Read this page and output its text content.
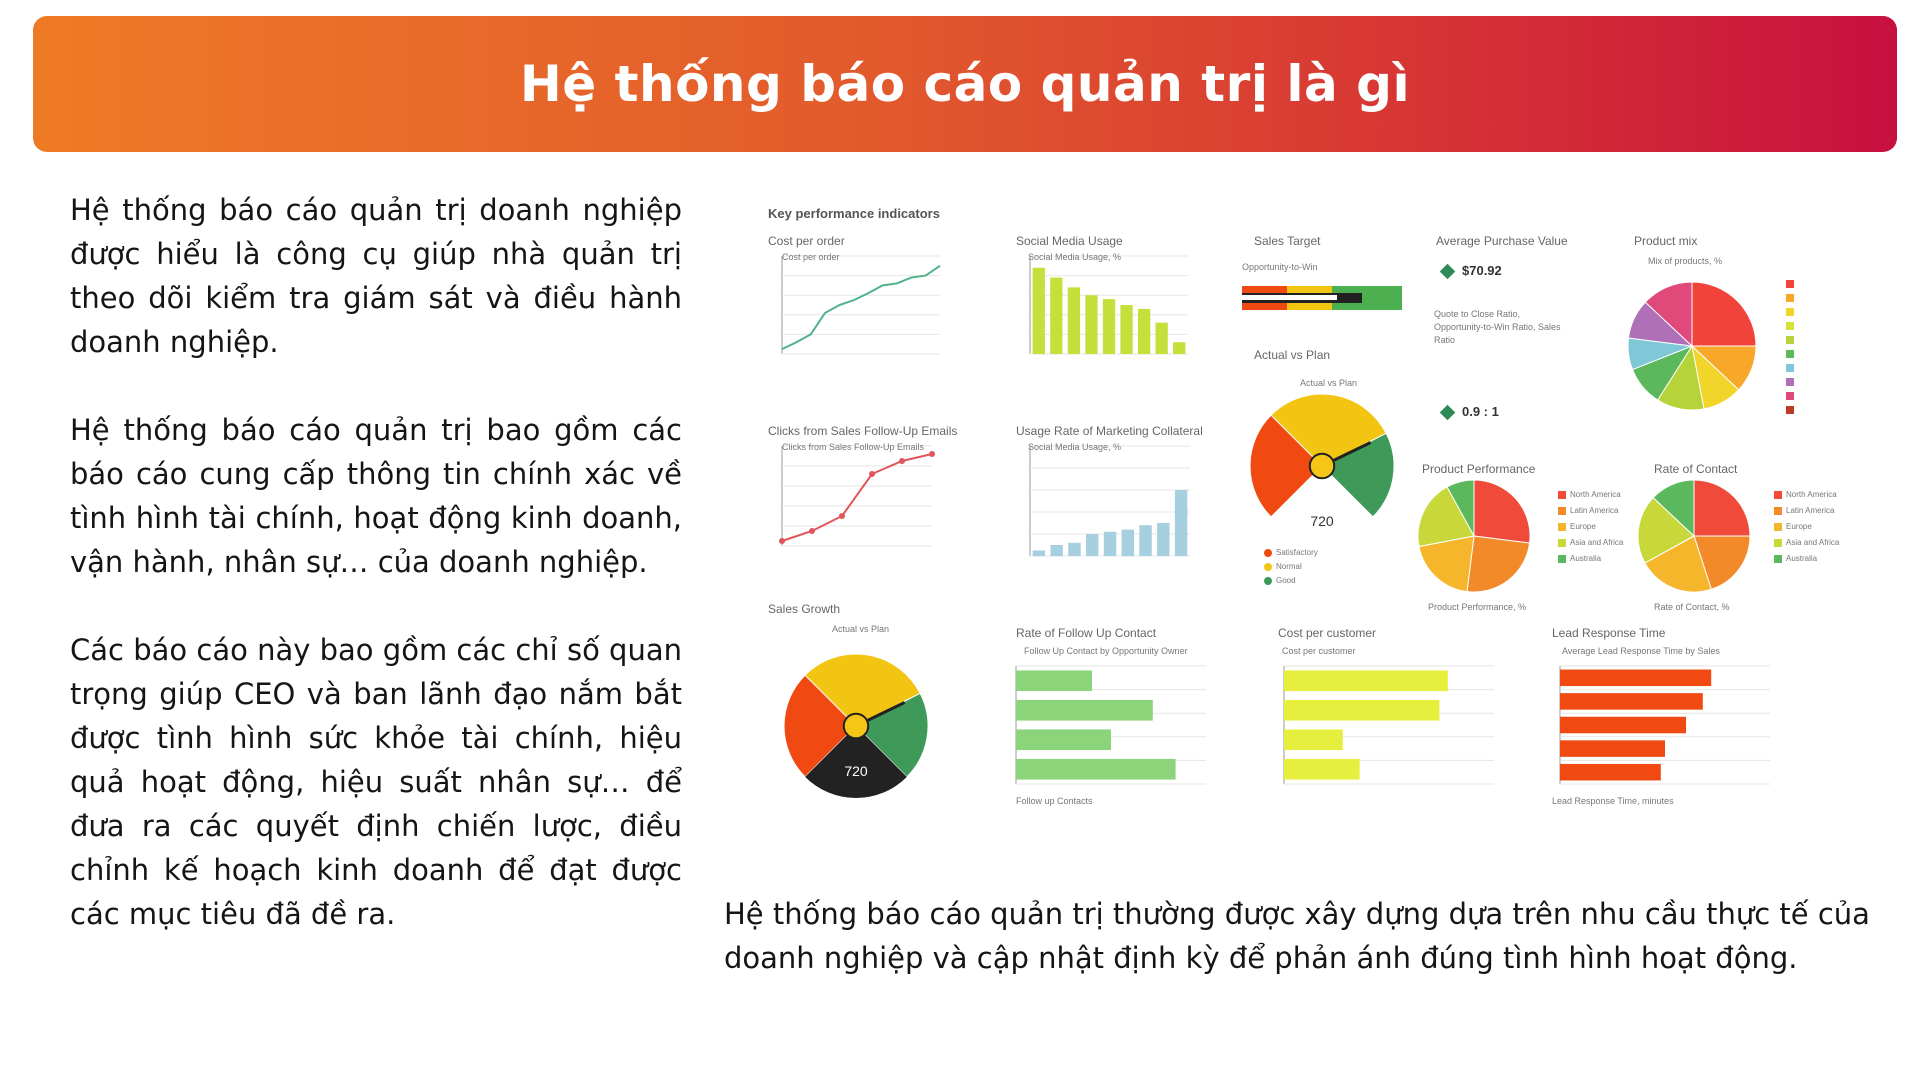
Hệ thống báo cáo quản trị là gì

Hệ thống báo cáo quản trị doanh nghiệp được hiểu là công cụ giúp nhà quản trị theo dõi kiểm tra giám sát và điều hành doanh nghiệp.

Hệ thống báo cáo quản trị bao gồm các báo cáo cung cấp thông tin chính xác về tình hình tài chính, hoạt động kinh doanh, vận hành, nhân sự… của doanh nghiệp.

Các báo cáo này bao gồm các chỉ số quan trọng giúp CEO và ban lãnh đạo nắm bắt được tình hình sức khỏe tài chính, hiệu quả hoạt động, hiệu suất nhân sự… để đưa ra các quyết định chiến lược, điều chỉnh kế hoạch kinh doanh để đạt được các mục tiêu đã đề ra.

720
720
Key performance indicators
Cost per order
Cost per order
Social Media Usage
Social Media Usage, %
Sales Target
Opportunity-to-Win
Average Purchase Value
$70.92
Quote to Close Ratio, Opportunity-to-Win Ratio, Sales Ratio
0.9 : 1
Product mix
Mix of products, %
Clicks from Sales Follow-Up Emails
Clicks from Sales Follow-Up Emails
Usage Rate of Marketing Collateral
Social Media Usage, %
Actual vs Plan
Actual vs Plan
Satisfactory
Normal
Good
Product Performance
Product Performance, %
Rate of Contact
Rate of Contact, %
North America
Latin America
Europe
Asia and Africa
Australia
North America
Latin America
Europe
Asia and Africa
Australia
Sales Growth
Actual vs Plan	Rate of Follow Up Contact
Follow Up Contact by Opportunity Owner
Follow up Contacts
Cost per customer
Cost per customer
Lead Response Time
Average Lead Response Time by Sales
Lead Response Time, minutes
Hệ thống báo cáo quản trị thường được xây dựng dựa trên nhu cầu thực tế của doanh nghiệp và cập nhật định kỳ để phản ánh đúng tình hình hoạt động.
